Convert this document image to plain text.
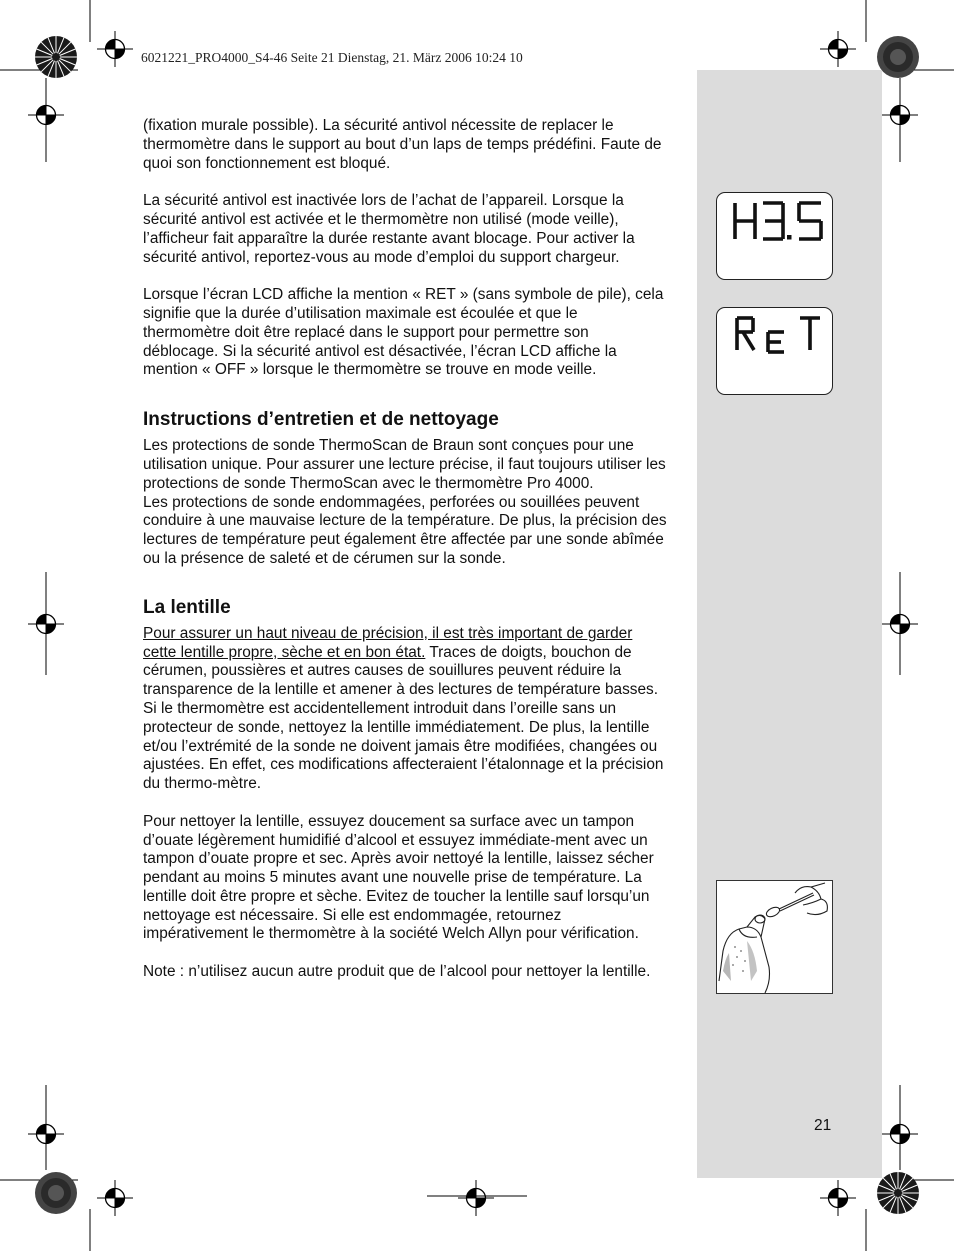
6021221_PRO4000_S4-46 Seite 21 Dienstag, 21. März 2006 10:24 10

(fixation murale possible). La sécurité antivol nécessite de replacer le thermomètre dans le support au bout d’un laps de temps prédéfini. Faute de quoi son fonctionnement est bloqué.

La sécurité antivol est inactivée lors de l’achat de l’appareil. Lorsque la sécurité antivol est activée et le thermomètre non utilisé (mode veille), l’afficheur fait apparaître la durée restante avant blocage. Pour activer la sécurité antivol, reportez-vous au mode d’emploi du support chargeur.

Lorsque l’écran LCD affiche la mention « RET » (sans symbole de pile), cela signifie que la durée d’utilisation maximale est écoulée et que le thermomètre doit être replacé dans le support pour permettre son déblocage. Si la sécurité antivol est désactivée, l’écran LCD affiche la mention « OFF » lorsque le thermomètre se trouve en mode veille.

Instructions d’entretien et de nettoyage

Les protections de sonde ThermoScan de Braun sont conçues pour une utilisation unique. Pour assurer une lecture précise, il faut toujours utiliser les protections de sonde ThermoScan avec le thermomètre Pro 4000.

Les protections de sonde endommagées, perforées ou souillées peuvent conduire à une mauvaise lecture de la température. De plus, la précision des lectures de température peut également être affectée par une sonde abîmée ou la présence de saleté et de cérumen sur la sonde.

La lentille

Pour assurer un haut niveau de précision, il est très important de garder cette lentille propre, sèche et en bon état. Traces de doigts, bouchon de cérumen, poussières et autres causes de souillures peuvent réduire la transparence de la lentille et amener à des lectures de température basses. Si le thermomètre est accidentellement introduit dans l’oreille sans un protecteur de sonde, nettoyez la lentille immédiatement. De plus, la lentille et/ou l’extrémité de la sonde ne doivent jamais être modifiées, changées ou ajustées. En effet, ces modifications affecteraient l’étalonnage et la précision du thermo-mètre.

Pour nettoyer la lentille, essuyez doucement sa surface avec un tampon d’ouate légèrement humidifié d’alcool et essuyez immédiate-ment avec un tampon d’ouate propre et sec. Après avoir nettoyé la lentille, laissez sécher pendant au moins 5 minutes avant une nouvelle prise de température. La lentille doit être propre et sèche. Evitez de toucher la lentille sauf lorsqu’un nettoyage est nécessaire. Si elle est endommagée, retournez impérativement le thermomètre à la société Welch Allyn pour vérification.

Note : n’utilisez aucun autre produit que de l’alcool pour nettoyer la lentille.

21
